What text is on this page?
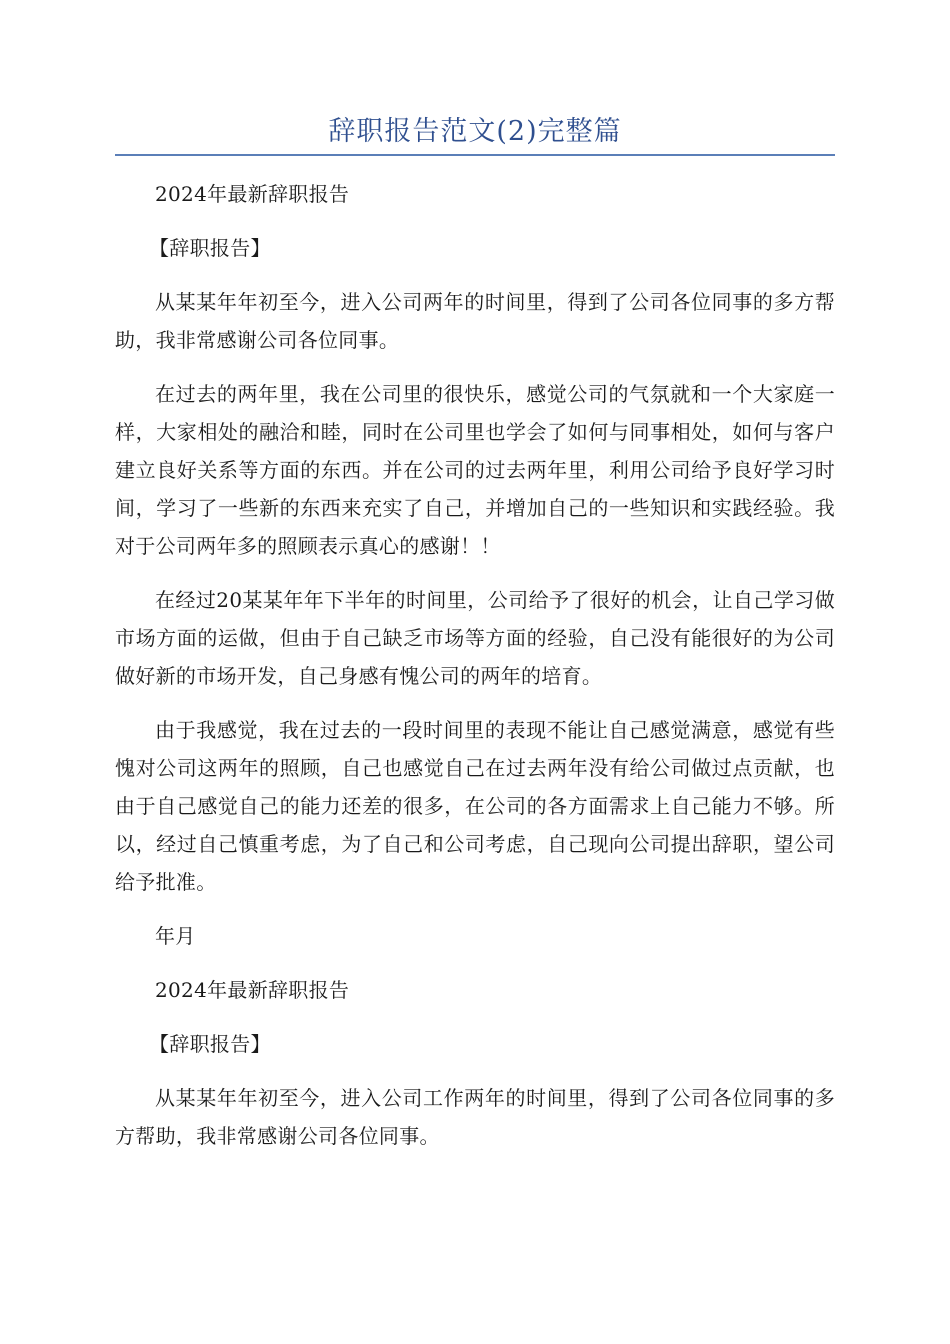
辞职报告范文(2)完整篇

2024年最新辞职报告

【辞职报告】

从某某年年初至今，进入公司两年的时间里，得到了公司各位同事的多方帮助，我非常感谢公司各位同事。

在过去的两年里，我在公司里的很快乐，感觉公司的气氛就和一个大家庭一样，大家相处的融洽和睦，同时在公司里也学会了如何与同事相处，如何与客户建立良好关系等方面的东西。并在公司的过去两年里，利用公司给予良好学习时间，学习了一些新的东西来充实了自己，并增加自己的一些知识和实践经验。我对于公司两年多的照顾表示真心的感谢！！

在经过20某某年年下半年的时间里，公司给予了很好的机会，让自己学习做市场方面的运做，但由于自己缺乏市场等方面的经验，自己没有能很好的为公司做好新的市场开发，自己身感有愧公司的两年的培育。

由于我感觉，我在过去的一段时间里的表现不能让自己感觉满意，感觉有些愧对公司这两年的照顾，自己也感觉自己在过去两年没有给公司做过点贡献，也由于自己感觉自己的能力还差的很多，在公司的各方面需求上自己能力不够。所以，经过自己慎重考虑，为了自己和公司考虑，自己现向公司提出辞职，望公司给予批准。

年月

2024年最新辞职报告

【辞职报告】

从某某年年初至今，进入公司工作两年的时间里，得到了公司各位同事的多方帮助，我非常感谢公司各位同事。
